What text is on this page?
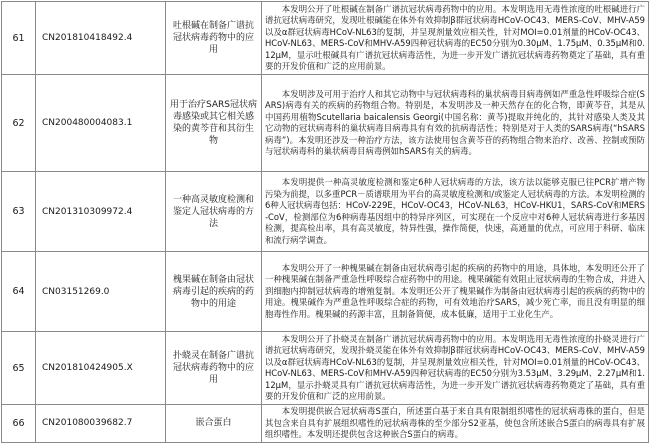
61	CN201810418492.4	吐根碱在制备广谱抗冠状病毒药物中的应用	本发明公开了吐根碱在制备广谱抗冠状病毒药物中的应用。本发明选用无毒性浓度的吐根碱进行广谱抗冠状病毒研究，发现吐根碱能在体外有效抑制β群冠状病毒HCoV-OC43、MERS-CoV、MHV-A59以及α群冠状病毒HCoV-NL63的复制，并呈现剂量效应相关性，针对MOI=0.01剂量的HCoV-OC43、HCoV-NL63、MERS-CoV和MHV-A59四种冠状病毒的EC50分别为0.30μM、1.75μM、0.35μM和0.12μM，显示吐根碱具有广谱抗冠状病毒活性，为进一步开发广谱抗冠状病毒药物奠定了基础，具有重要的开发价值和广泛的应用前景。
62	CN200480004083.1	用于治疗SARS冠状病毒感染或其它相关感染的黄芩苷和其衍生物	本发明涉及可用于治疗人和其它动物中与冠状病毒科的巢状病毒目病毒例如严重急性呼吸综合症(SARS)病毒有关的疾病的药物组合物。特别是，本发明涉及一种天然存在的化合物，即黄芩苷，其是从中国药用植物Scutellaria baicalensis Georgi(中国名称：黄芩)提取并纯化的，其针对感染人类及其它动物的冠状病毒科的巢状病毒目病毒具有有效的抗病毒活性；特别是对于人类的SARS病毒(“hSARS病毒”)。本发明还涉及一种治疗方法，该方法使用包含黄芩苷的药物组合物来治疗、改善、控制或预防与冠状病毒科的巢状病毒目病毒例如hSARS有关的病毒。
63	CN201310309972.4	一种高灵敏度检测和鉴定人冠状病毒的方法	本发明提供一种高灵敏度检测和鉴定6种人冠状病毒的方法，该方法以能够克服已往PCR扩增产物污染为前提，以多重PCR－质谱联用为平台的高灵敏度检测和/或鉴定人冠状病毒的方法。本发明检测的6种人冠状病毒包括：HCoV-229E，HCoV-OC43，HCoV-NL63，HCoV-HKU1，SARS-CoV和MERS-CoV，检测部位为6种病毒基因组中的特异序列区，可实现在一个反应中对6种人冠状病毒进行多基因检测，提高检出率，具有高灵敏度，特异性强，操作简便，快速，高通量的优点，可应用于科研、临床和流行病学调查。
64	CN03151269.0	槐果碱在制备由冠状病毒引起的疾病的药物中的用途	本发明公开了一种槐果碱在制备由冠状病毒引起的疾病的药物中的用途，具体地，本发明还公开了一种槐果碱在制备严重急性呼吸综合症药物中的用途。槐果碱能有效阻止冠状病毒的生物合成，并进入到细胞内抑制冠状病毒的增殖复制。本发明还公开了槐果碱作为制备由冠状病毒引起的疾病的药物中的用途。槐果碱作为严重急性呼吸综合症的药物，可有效地治疗SARS，减少死亡率，而且没有明显的细胞毒性作用。槐果碱的药源丰富，且制备简便，成本低廉，适用于工业化生产。
65	CN201810424905.X	扑蛲灵在制备广谱抗冠状病毒药物中的应用	本发明公开了扑蛲灵在制备广谱抗冠状病毒药物中的应用。本发明选用无毒性浓度的扑蛲灵进行广谱抗冠状病毒研究，发现扑蛲灵能在体外有效抑制β群冠状病毒HCoV-OC43、MERS-CoV、MHV-A59以及α群冠状病毒HCoV-NL63的复制，并呈现剂量效应相关性，针对MOI=0.01剂量的HCoV-OC43、HCoV-NL63、MERS-CoV和MHV-A59四种冠状病毒的EC50分别为3.53μM、3.29μM、2.27μM和1.12μM，显示扑蛲灵具有广谱抗冠状病毒活性，为进一步开发广谱抗冠状病毒药物奠定了基础，具有重要的开发价值和广泛的应用前景。
66	CN201080039682.7	嵌合蛋白	本发明提供嵌合冠状病毒S蛋白，所述蛋白基于来自具有限制组织嗜性的冠状病毒株的蛋白，但是其包含来自具有扩展组织嗜性的冠状病毒株的至少部分S2亚基，使包含所述嵌合S蛋白的病毒具有扩展组织嗜性。本发明还提供包含这种嵌合S蛋白的病毒。
